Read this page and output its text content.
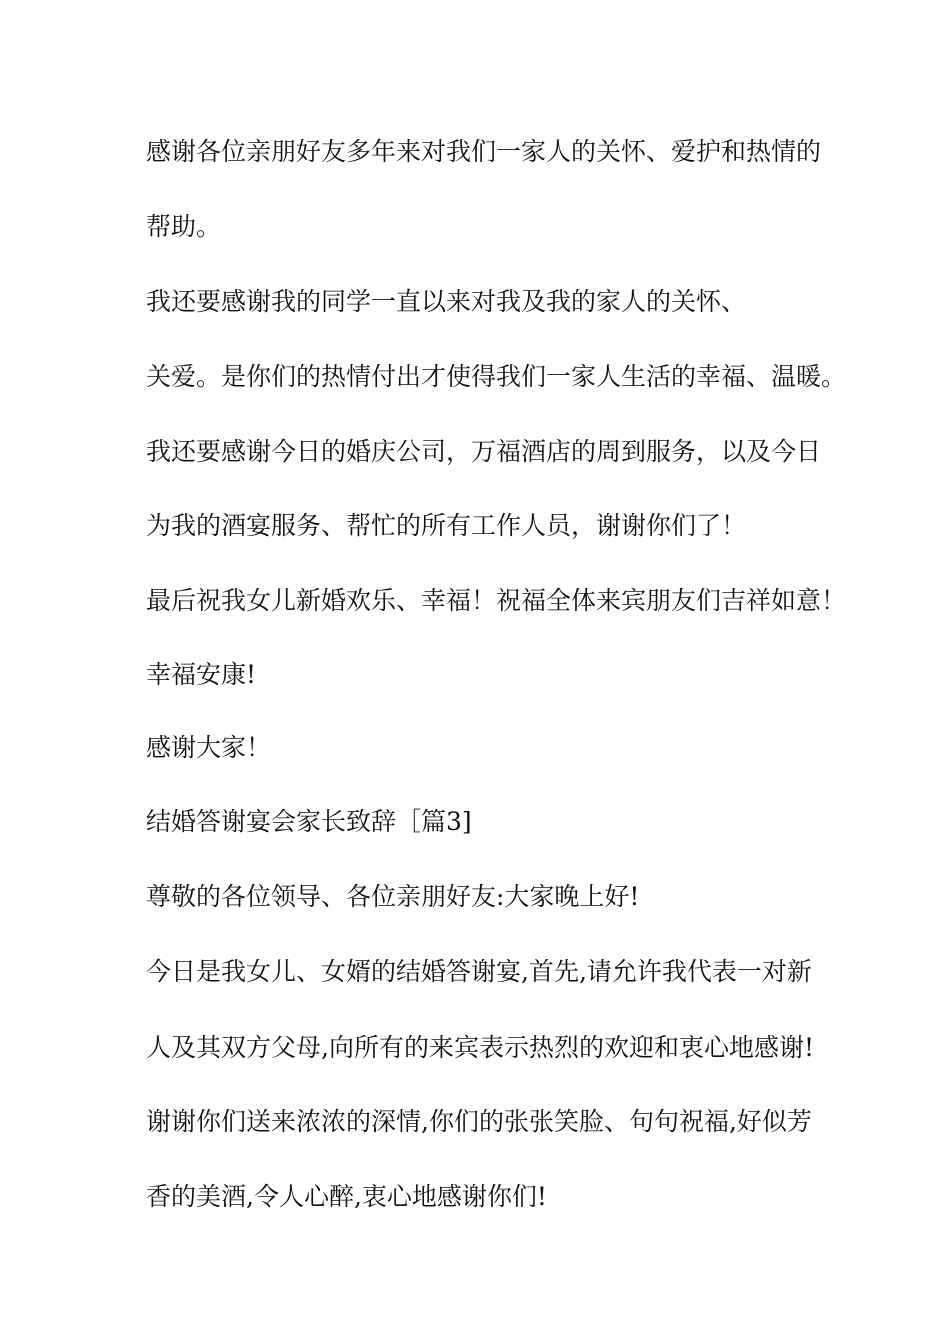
感谢各位亲朋好友多年来对我们一家人的关怀、爱护和热情的
帮助。
我还要感谢我的同学一直以来对我及我的家人的关怀、
关爱。是你们的热情付出才使得我们一家人生活的幸福、温暖。
我还要感谢今日的婚庆公司，万福酒店的周到服务，以及今日
为我的酒宴服务、帮忙的所有工作人员，谢谢你们了！
最后祝我女儿新婚欢乐、幸福！祝福全体来宾朋友们吉祥如意！
幸福安康!
感谢大家！
结婚答谢宴会家长致辞［篇3]
尊敬的各位领导、各位亲朋好友:大家晚上好!
今日是我女儿、女婿的结婚答谢宴,首先,请允许我代表一对新
人及其双方父母,向所有的来宾表示热烈的欢迎和衷心地感谢!
谢谢你们送来浓浓的深情,你们的张张笑脸、句句祝福,好似芳
香的美酒,令人心醉,衷心地感谢你们!
